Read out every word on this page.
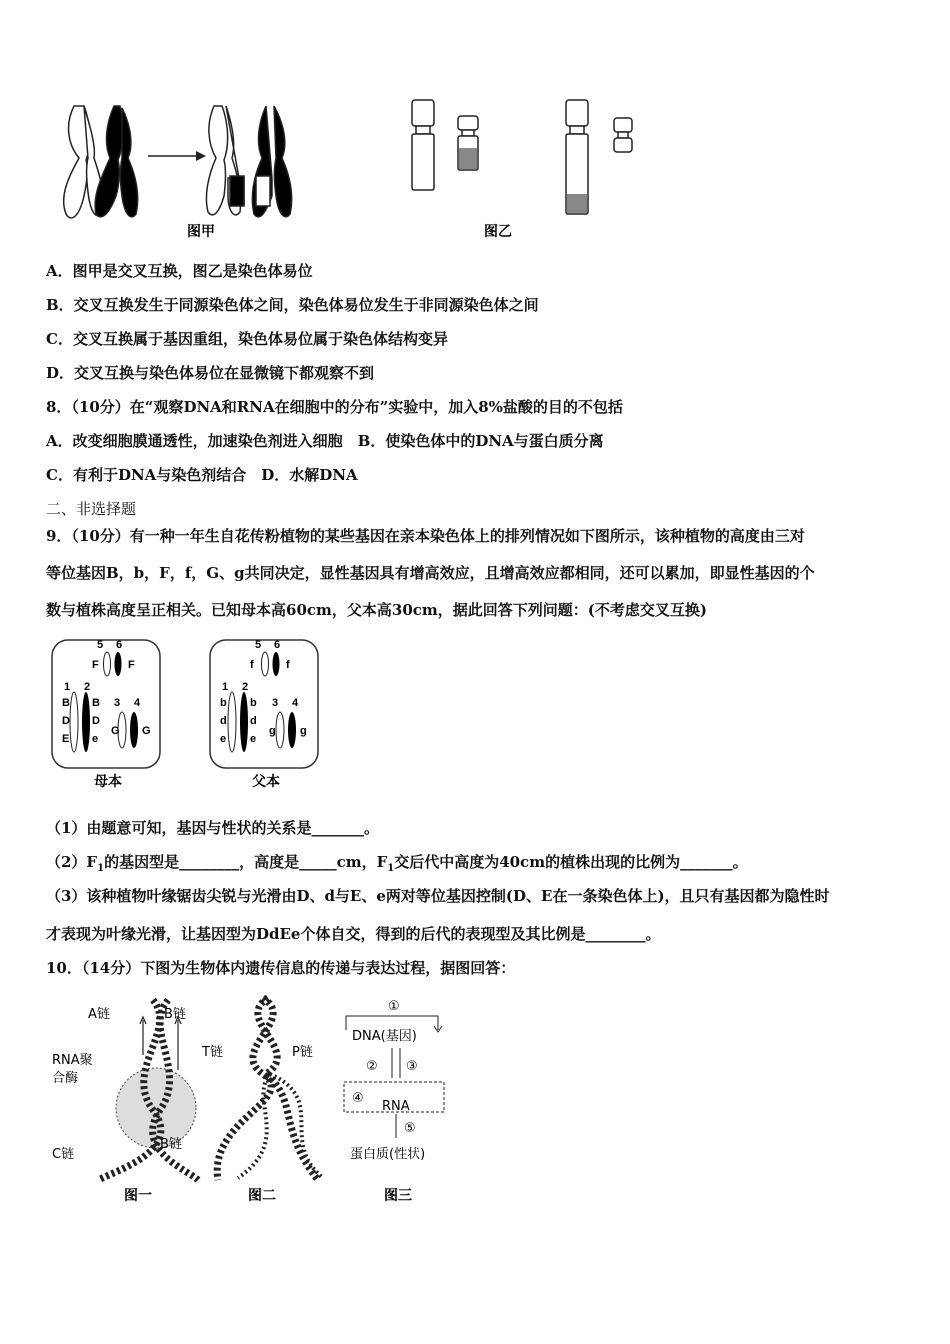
图甲	图乙
A．图甲是交叉互换，图乙是染色体易位
B．交叉互换发生于同源染色体之间，染色体易位发生于非同源染色体之间
C．交叉互换属于基因重组，染色体易位属于染色体结构变异
D．交叉互换与染色体易位在显微镜下都观察不到
8．（10分）在“观察DNA和RNA在细胞中的分布”实验中，加入8%盐酸的目的不包括
A．改变细胞膜通透性，加速染色剂进入细胞　B．使染色体中的DNA与蛋白质分离
C．有利于DNA与染色剂结合　D．水解DNA
二、非选择题
9．（10分）有一种一年生自花传粉植物的某些基因在亲本染色体上的排列情况如下图所示，该种植物的高度由三对
等位基因B，b，F，f，G、g共同决定，显性基因具有增高效应，且增高效应都相同，还可以累加，即显性基因的个
数与植株高度呈正相关。已知母本高60cm，父本高30cm，据此回答下列问题：(不考虑交叉互换)
5 6
F	F
1 2
B
D
E
B
D
e
3 4
G G
母本
5 6
f	f
1 2
b
d
e
b
d
e
3 4
g g
父本
（1）由题意可知，基因与性状的关系是_______。
$(2)F_1$的基因型是________，高度是_____cm，$F_1$交后代中高度为40cm的植株出现的比例为_______。
（3）该种植物叶缘锯齿尖锐与光滑由D、d与E、e两对等位基因控制(D、E在一条染色体上)，且只有基因都为隐性时
才表现为叶缘光滑，让基因型为DdEe个体自交，得到的后代的表现型及其比例是________。
10．（14分）下图为生物体内遗传信息的传递与表达过程，据图回答：
A链	B链
RNA聚
合酶
C链
B链
图一
T链	P链
图二
①
DNA(基因)
② ③
④
RNA
⑤
蛋白质(性状)
图三
